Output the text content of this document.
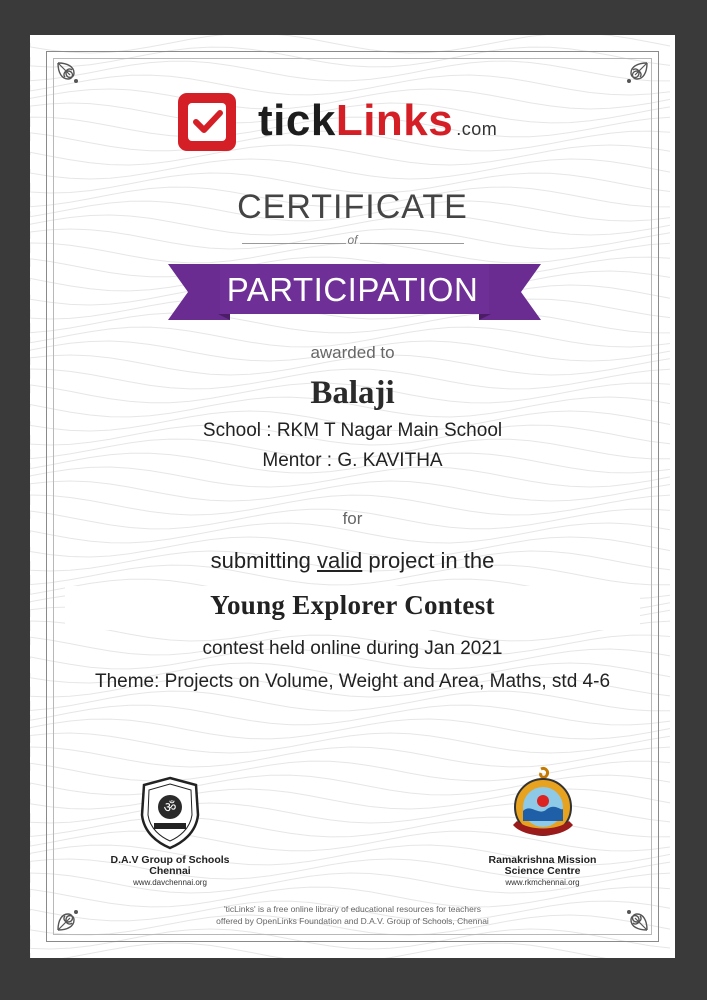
tickLinks .com
CERTIFICATE
of
PARTICIPATION
awarded to
Balaji
School : RKM T Nagar Main School
Mentor : G. KAVITHA
for
submitting valid project in the
Young Explorer Contest
contest held online during Jan 2021
Theme: Projects on Volume, Weight and Area, Maths, std 4-6
ॐ
D.A.V Group of Schools
Chennai
www.davchennai.org
Ramakrishna Mission
Science Centre
www.rkmchennai.org
'ticLinks' is a free online library of educational resources for teachers
offered by OpenLinks Foundation and D.A.V. Group of Schools, Chennai
